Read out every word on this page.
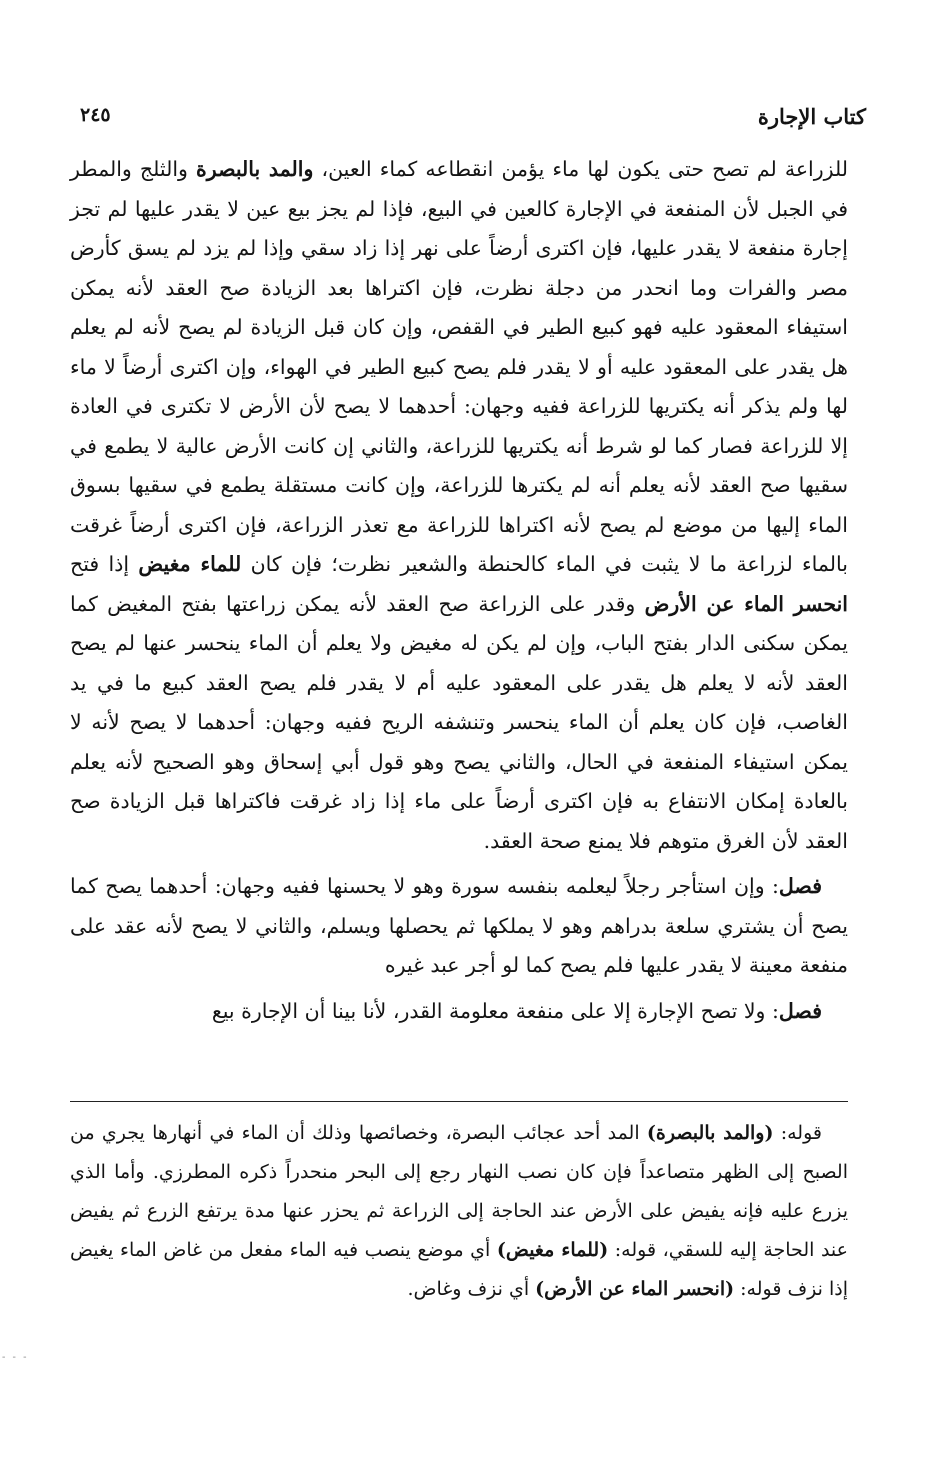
كتاب الإجارة
٢٤٥

للزراعة لم تصح حتى يكون لها ماء يؤمن انقطاعه كماء العين، والمد بالبصرة والثلج والمطر في الجبل لأن المنفعة في الإجارة كالعين في البيع، فإذا لم يجز بيع عين لا يقدر عليها لم تجز إجارة منفعة لا يقدر عليها، فإن اكترى أرضاً على نهر إذا زاد سقي وإذا لم يزد لم يسق كأرض مصر والفرات وما انحدر من دجلة نظرت، فإن اكتراها بعد الزيادة صح العقد لأنه يمكن استيفاء المعقود عليه فهو كبيع الطير في القفص، وإن كان قبل الزيادة لم يصح لأنه لم يعلم هل يقدر على المعقود عليه أو لا يقدر فلم يصح كبيع الطير في الهواء، وإن اكترى أرضاً لا ماء لها ولم يذكر أنه يكتريها للزراعة ففيه وجهان: أحدهما لا يصح لأن الأرض لا تكترى في العادة إلا للزراعة فصار كما لو شرط أنه يكتريها للزراعة، والثاني إن كانت الأرض عالية لا يطمع في سقيها صح العقد لأنه يعلم أنه لم يكترها للزراعة، وإن كانت مستقلة يطمع في سقيها بسوق الماء إليها من موضع لم يصح لأنه اكتراها للزراعة مع تعذر الزراعة، فإن اكترى أرضاً غرقت بالماء لزراعة ما لا يثبت في الماء كالحنطة والشعير نظرت؛ فإن كان للماء مغيض إذا فتح انحسر الماء عن الأرض وقدر على الزراعة صح العقد لأنه يمكن زراعتها بفتح المغيض كما يمكن سكنى الدار بفتح الباب، وإن لم يكن له مغيض ولا يعلم أن الماء ينحسر عنها لم يصح العقد لأنه لا يعلم هل يقدر على المعقود عليه أم لا يقدر فلم يصح العقد كبيع ما في يد الغاصب، فإن كان يعلم أن الماء ينحسر وتنشفه الريح ففيه وجهان: أحدهما لا يصح لأنه لا يمكن استيفاء المنفعة في الحال، والثاني يصح وهو قول أبي إسحاق وهو الصحيح لأنه يعلم بالعادة إمكان الانتفاع به فإن اكترى أرضاً على ماء إذا زاد غرقت فاكتراها قبل الزيادة صح العقد لأن الغرق متوهم فلا يمنع صحة العقد.

فصل: وإن استأجر رجلاً ليعلمه بنفسه سورة وهو لا يحسنها ففيه وجهان: أحدهما يصح كما يصح أن يشتري سلعة بدراهم وهو لا يملكها ثم يحصلها ويسلم، والثاني لا يصح لأنه عقد على منفعة معينة لا يقدر عليها فلم يصح كما لو أجر عبد غيره

فصل: ولا تصح الإجارة إلا على منفعة معلومة القدر، لأنا بينا أن الإجارة بيع

قوله: (والمد بالبصرة) المد أحد عجائب البصرة، وخصائصها وذلك أن الماء في أنهارها يجري من الصبح إلى الظهر متصاعداً فإن كان نصب النهار رجع إلى البحر منحدراً ذكره المطرزي. وأما الذي يزرع عليه فإنه يفيض على الأرض عند الحاجة إلى الزراعة ثم يحزر عنها مدة يرتفع الزرع ثم يفيض عند الحاجة إليه للسقي، قوله: (للماء مغيض) أي موضع ينصب فيه الماء مفعل من غاض الماء يغيض إذا نزف قوله: (انحسر الماء عن الأرض) أي نزف وغاض.

- - -
